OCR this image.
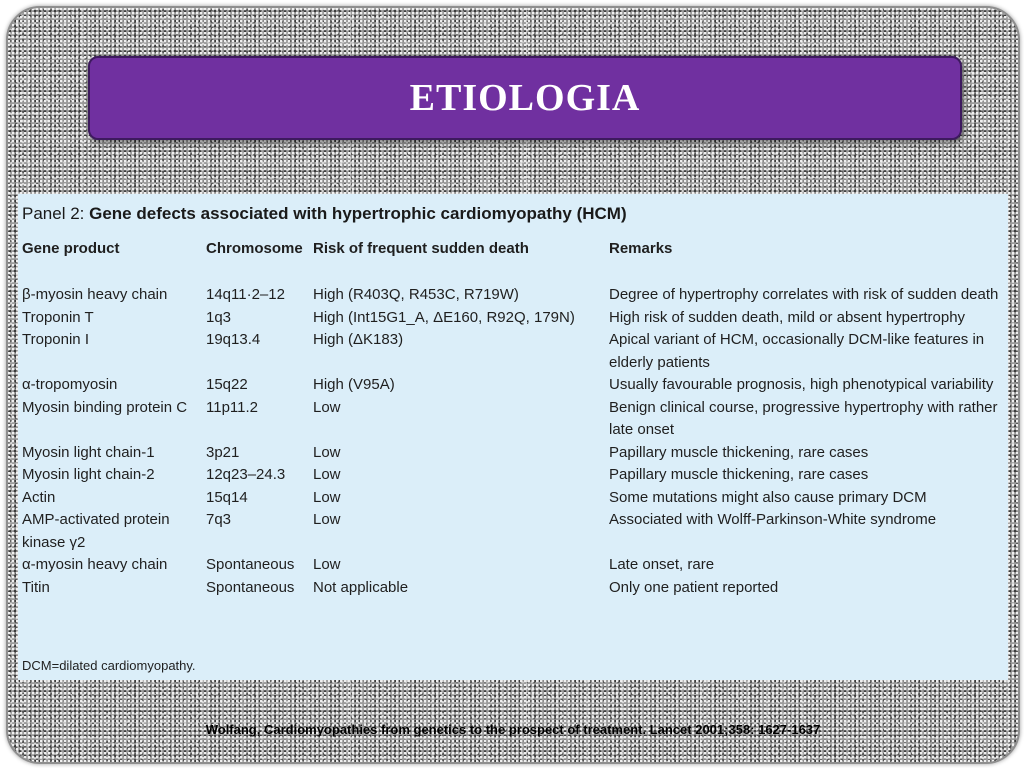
ETIOLOGIA
Panel 2: Gene defects associated with hypertrophic cardiomyopathy (HCM)
Gene product	Chromosome	Risk of frequent sudden death	Remarks

β-myosin heavy chain	14q11·2–12	High (R403Q, R453C, R719W)	Degree of hypertrophy correlates with risk of sudden death
Troponin T	1q3	High (Int15G1_A, ΔE160, R92Q, 179N)	High risk of sudden death, mild or absent hypertrophy
Troponin I	19q13.4	High (ΔK183)	Apical variant of HCM, occasionally DCM-like features in elderly patients
α-tropomyosin	15q22	High (V95A)	Usually favourable prognosis, high phenotypical variability
Myosin binding protein C	11p11.2	Low	Benign clinical course, progressive hypertrophy with rather late onset
Myosin light chain-1	3p21	Low	Papillary muscle thickening, rare cases
Myosin light chain-2	12q23–24.3	Low	Papillary muscle thickening, rare cases
Actin	15q14	Low	Some mutations might also cause primary DCM
AMP-activated protein kinase γ2	7q3	Low	Associated with Wolff-Parkinson-White syndrome
α-myosin heavy chain	Spontaneous	Low	Late onset, rare
Titin	Spontaneous	Not applicable	Only one patient reported
DCM=dilated cardiomyopathy.
Wolfang, Cardiomyopathies from genetics to the prospect of treatment. Lancet 2001;358: 1627-1637
